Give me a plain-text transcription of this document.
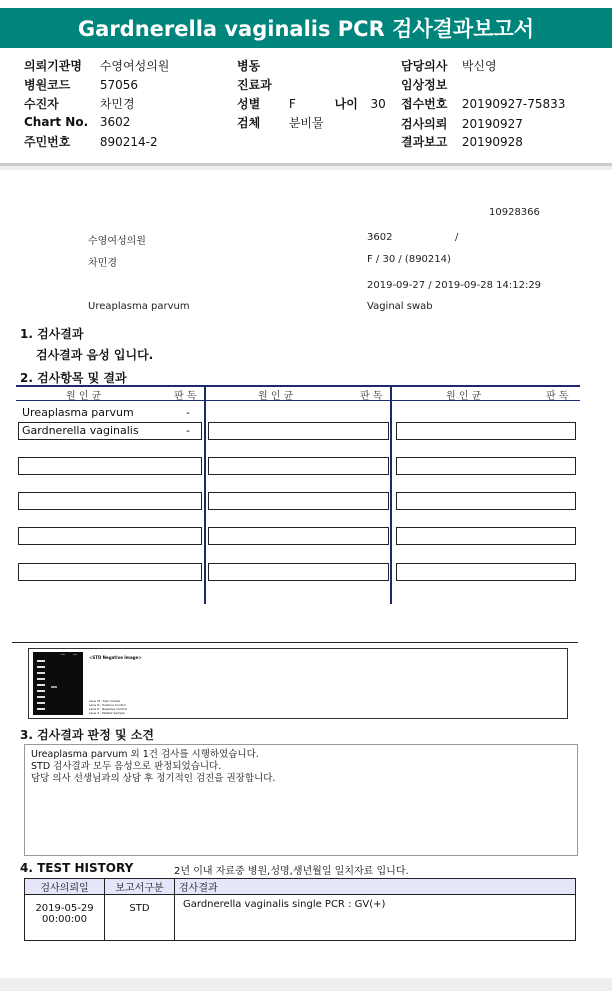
Gardnerella vaginalis PCR 검사결과보고서
의뢰기관명 수영여성의원
병원코드 57056
수진자	차민경
Chart No. 3602
주민번호 890214-2
병동
진료과
성별 F	나이 30
검체 분비물
담당의사 박신영
임상정보
접수번호 20190927-75833
검사의뢰 20190927
결과보고 20190928
10928366
수영여성의원	3602	/
차민경	F / 30 / (890214)
2019-09-27 / 2019-09-28 14:12:29
Ureaplasma parvum	Vaginal swab
1. 검사결과
검사결과 음성 입니다.
2. 검사항목 및 결과
원 인 균	판 독	원 인 균	판 독	원 인 균	판 독
Ureaplasma parvum	-
Gardnerella vaginalis	-
<STD Negative Image>
Lane M : Size marker
Lane N : Positive Control
Lane P : Negative Control
Lane S : Patient Sample
3. 검사결과 판정 및 소견
Ureaplasma parvum 외 1건 검사를 시행하였습니다.
STD 검사결과 모두 음성으로 판정되었습니다.
담당 의사 선생님과의 상담 후 정기적인 검진을 권장합니다.
4. TEST HISTORY	2년 이내 자료중 병원,성명,생년월일 일치자료 입니다.
검사의뢰일	보고서구분	검사결과

2019-05-29
00:00:00	STD	Gardnerella vaginalis single PCR : GV(+)
